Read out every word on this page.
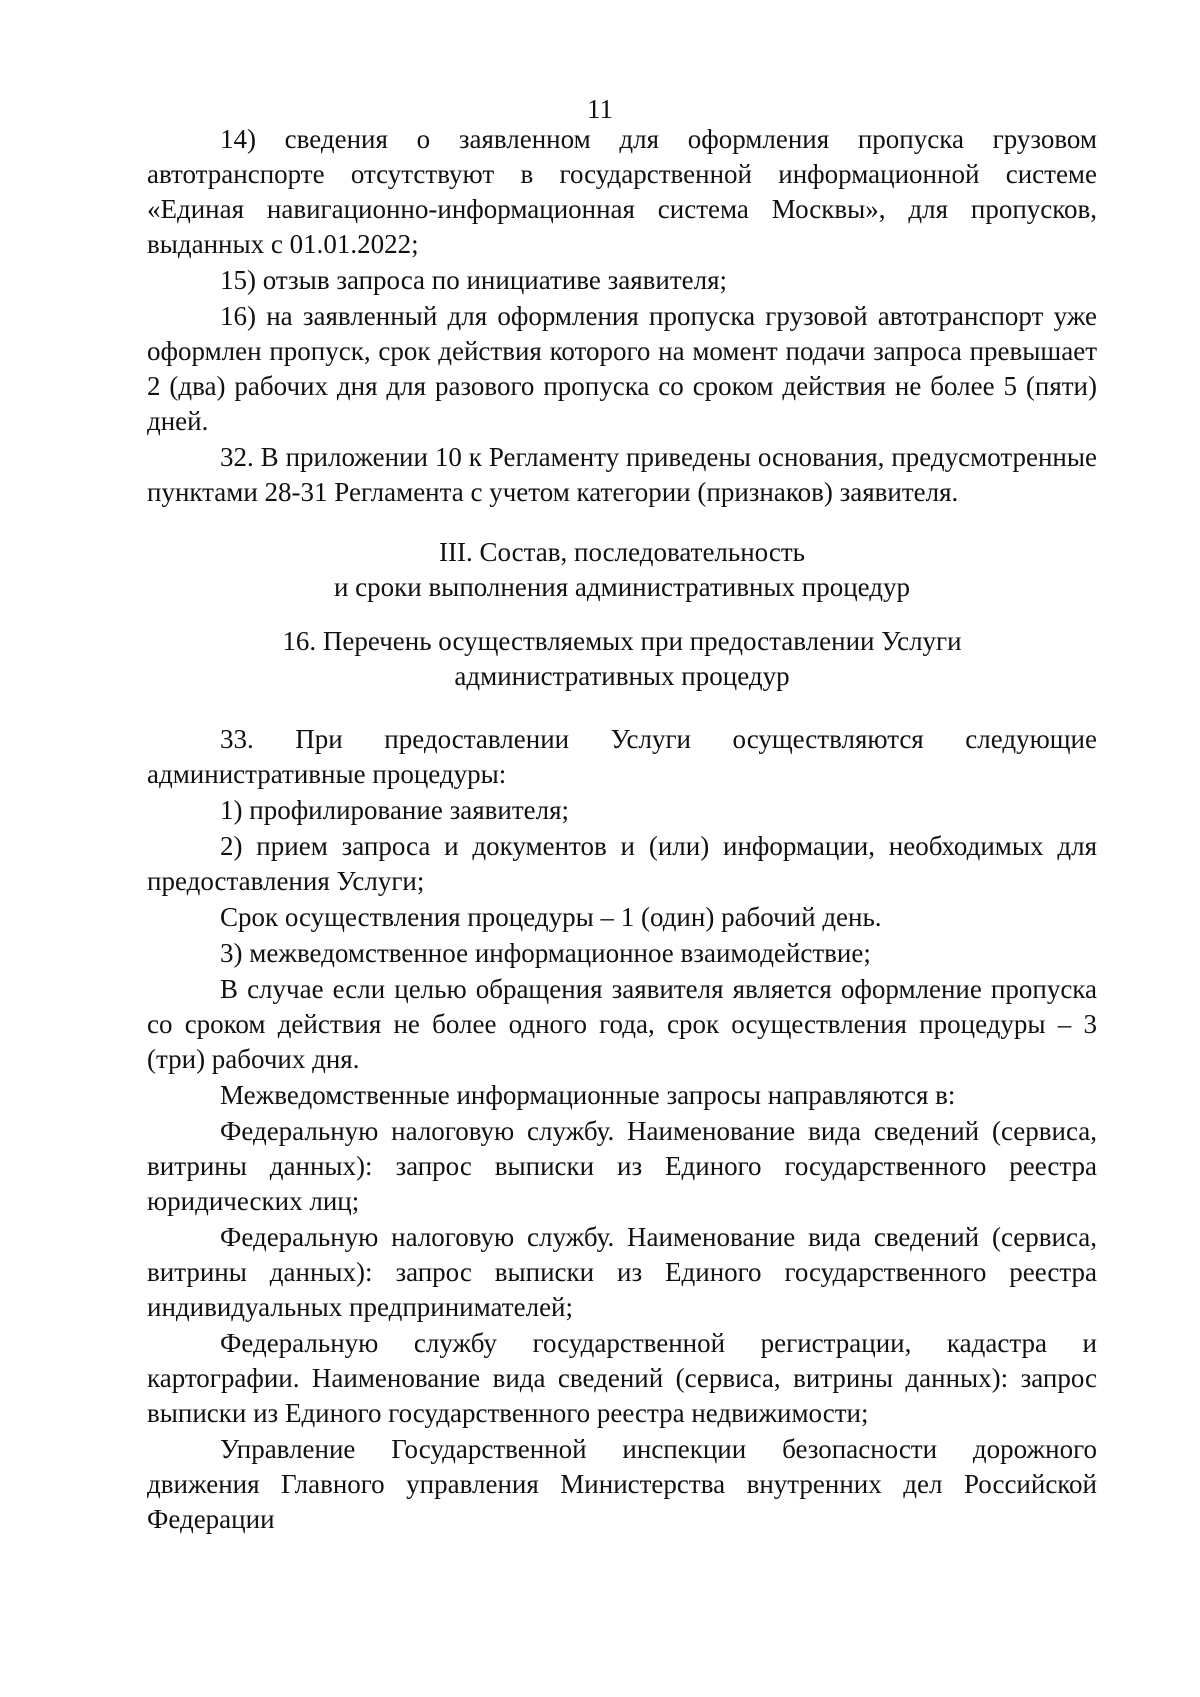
11

14) сведения о заявленном для оформления пропуска грузовом автотранспорте отсутствуют в государственной информационной системе «Единая навигационно-информационная система Москвы», для пропусков, выданных с 01.01.2022;

15) отзыв запроса по инициативе заявителя;

16) на заявленный для оформления пропуска грузовой автотранспорт уже оформлен пропуск, срок действия которого на момент подачи запроса превышает 2 (два) рабочих дня для разового пропуска со сроком действия не более 5 (пяти) дней.

32. В приложении 10 к Регламенту приведены основания, предусмотренные пунктами 28-31 Регламента с учетом категории (признаков) заявителя.

III. Состав, последовательность
и сроки выполнения административных процедур

16. Перечень осуществляемых при предоставлении Услуги
административных процедур

33. При предоставлении Услуги осуществляются следующие административные процедуры:

1) профилирование заявителя;

2) прием запроса и документов и (или) информации, необходимых для предоставления Услуги;

Срок осуществления процедуры – 1 (один) рабочий день.

3) межведомственное информационное взаимодействие;

В случае если целью обращения заявителя является оформление пропуска со сроком действия не более одного года, срок осуществления процедуры – 3 (три) рабочих дня.

Межведомственные информационные запросы направляются в:

Федеральную налоговую службу. Наименование вида сведений (сервиса, витрины данных): запрос выписки из Единого государственного реестра юридических лиц;

Федеральную налоговую службу. Наименование вида сведений (сервиса, витрины данных): запрос выписки из Единого государственного реестра индивидуальных предпринимателей;

Федеральную службу государственной регистрации, кадастра и картографии. Наименование вида сведений (сервиса, витрины данных): запрос выписки из Единого государственного реестра недвижимости;

Управление Государственной инспекции безопасности дорожного движения Главного управления Министерства внутренних дел Российской Федерации
